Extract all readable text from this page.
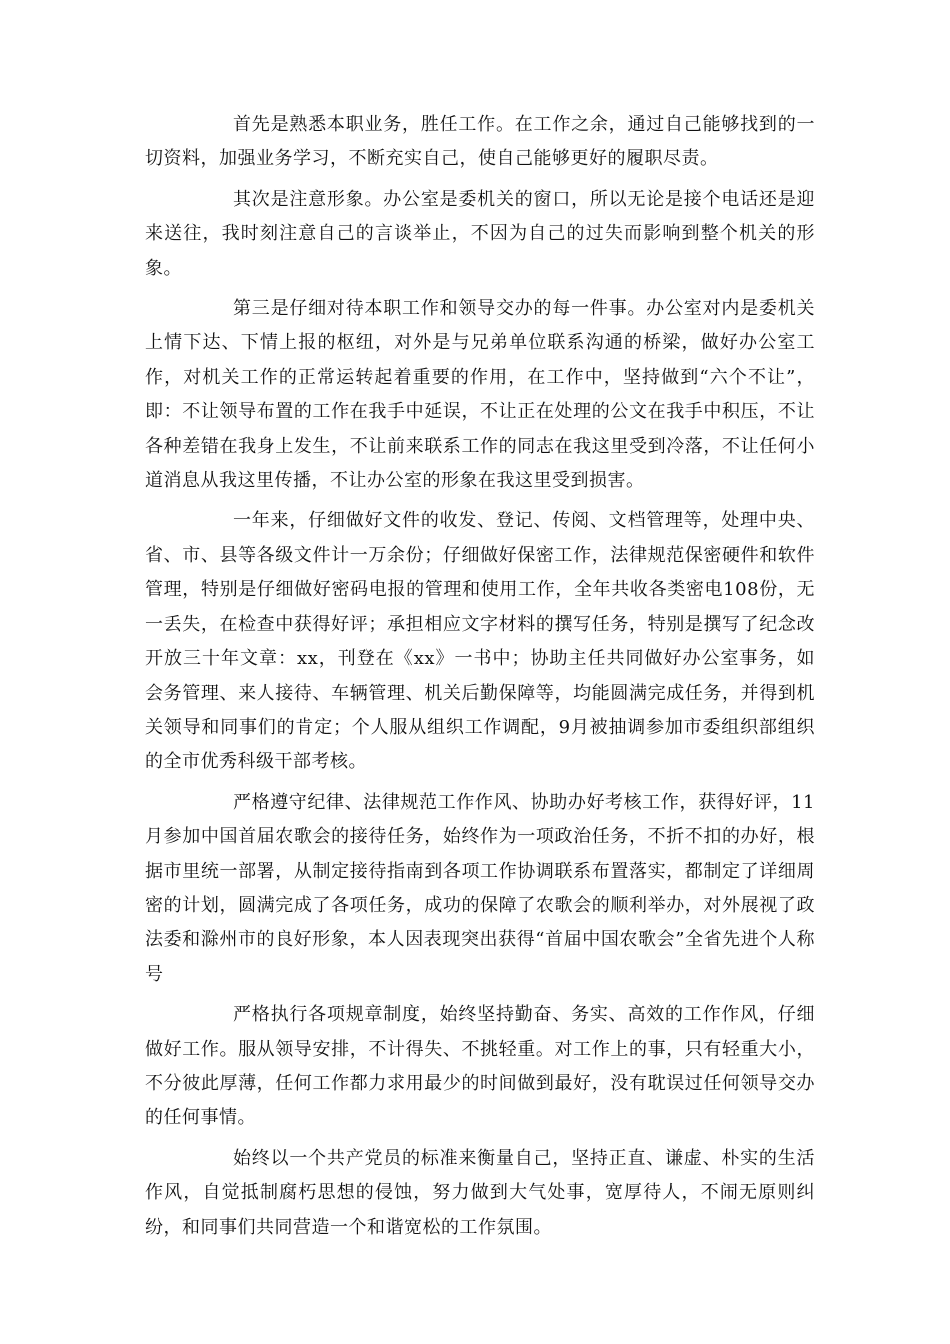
首先是熟悉本职业务，胜任工作。在工作之余，通过自己能够找到的一切资料，加强业务学习，不断充实自己，使自己能够更好的履职尽责。

其次是注意形象。办公室是委机关的窗口，所以无论是接个电话还是迎来送往，我时刻注意自己的言谈举止，不因为自己的过失而影响到整个机关的形象。

第三是仔细对待本职工作和领导交办的每一件事。办公室对内是委机关上情下达、下情上报的枢纽，对外是与兄弟单位联系沟通的桥梁，做好办公室工作，对机关工作的正常运转起着重要的作用，在工作中，坚持做到“六个不让”，即：不让领导布置的工作在我手中延误，不让正在处理的公文在我手中积压，不让各种差错在我身上发生，不让前来联系工作的同志在我这里受到冷落，不让任何小道消息从我这里传播，不让办公室的形象在我这里受到损害。

一年来，仔细做好文件的收发、登记、传阅、文档管理等，处理中央、省、市、县等各级文件计一万余份；仔细做好保密工作，法律规范保密硬件和软件管理，特别是仔细做好密码电报的管理和使用工作，全年共收各类密电108份，无一丢失，在检查中获得好评；承担相应文字材料的撰写任务，特别是撰写了纪念改开放三十年文章：xx，刊登在《xx》一书中；协助主任共同做好办公室事务，如会务管理、来人接待、车辆管理、机关后勤保障等，均能圆满完成任务，并得到机关领导和同事们的肯定；个人服从组织工作调配，9月被抽调参加市委组织部组织的全市优秀科级干部考核。

严格遵守纪律、法律规范工作作风、协助办好考核工作，获得好评，11月参加中国首届农歌会的接待任务，始终作为一项政治任务，不折不扣的办好，根据市里统一部署，从制定接待指南到各项工作协调联系布置落实，都制定了详细周密的计划，圆满完成了各项任务，成功的保障了农歌会的顺利举办，对外展视了政法委和滁州市的良好形象，本人因表现突出获得“首届中国农歌会”全省先进个人称号

严格执行各项规章制度，始终坚持勤奋、务实、高效的工作作风，仔细做好工作。服从领导安排，不计得失、不挑轻重。对工作上的事，只有轻重大小，不分彼此厚薄，任何工作都力求用最少的时间做到最好，没有耽误过任何领导交办的任何事情。

始终以一个共产党员的标准来衡量自己，坚持正直、谦虚、朴实的生活作风，自觉抵制腐朽思想的侵蚀，努力做到大气处事，宽厚待人，不闹无原则纠纷，和同事们共同营造一个和谐宽松的工作氛围。
